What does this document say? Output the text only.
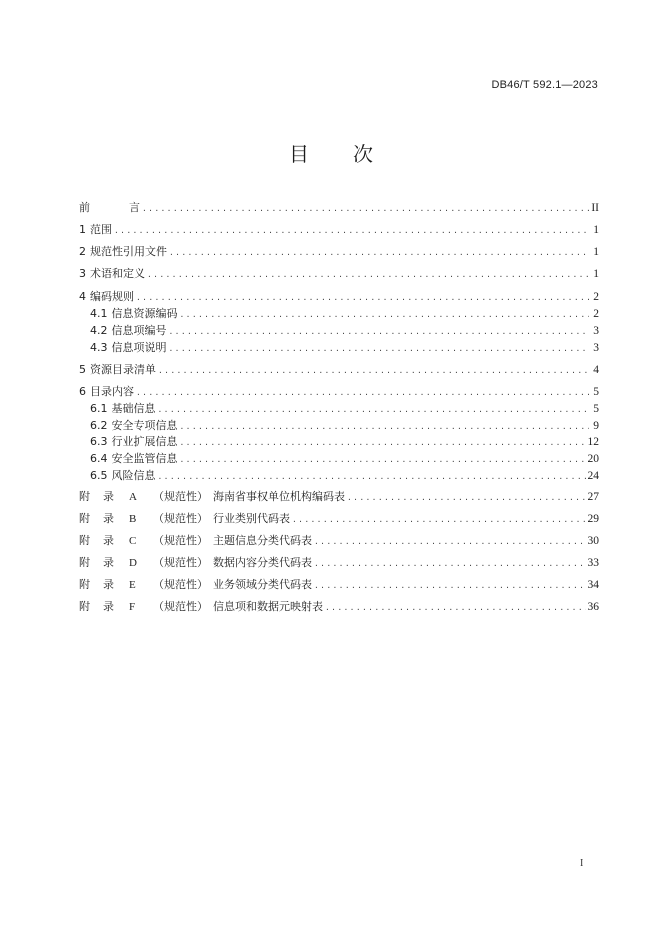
DB46/T 592.1—2023
目 次
前	言 .....	II
1 范围 .....	1
2 规范性引用文件 .....	1
3 术语和定义 .....	1
4 编码规则 .....	2
4.1 信息资源编码 .....	2
4.2 信息项编号 .....	3
4.3 信息项说明 .....	3
5 资源目录清单 .....	4
6 目录内容 .....	5
6.1 基础信息 .....	5
6.2 安全专项信息 .....	9
6.3 行业扩展信息 .....	12
6.4 安全监管信息 .....	20
6.5 风险信息 .....	24
附	录	A	（规范性） 海南省事权单位机构编码表 .....	27
附	录	B	（规范性） 行业类别代码表 .....	29
附	录	C	（规范性） 主题信息分类代码表 .....	30
附	录	D	（规范性） 数据内容分类代码表 .....	33
附	录	E	（规范性） 业务领域分类代码表 .....	34
附	录	F	（规范性） 信息项和数据元映射表 .....	36
I
